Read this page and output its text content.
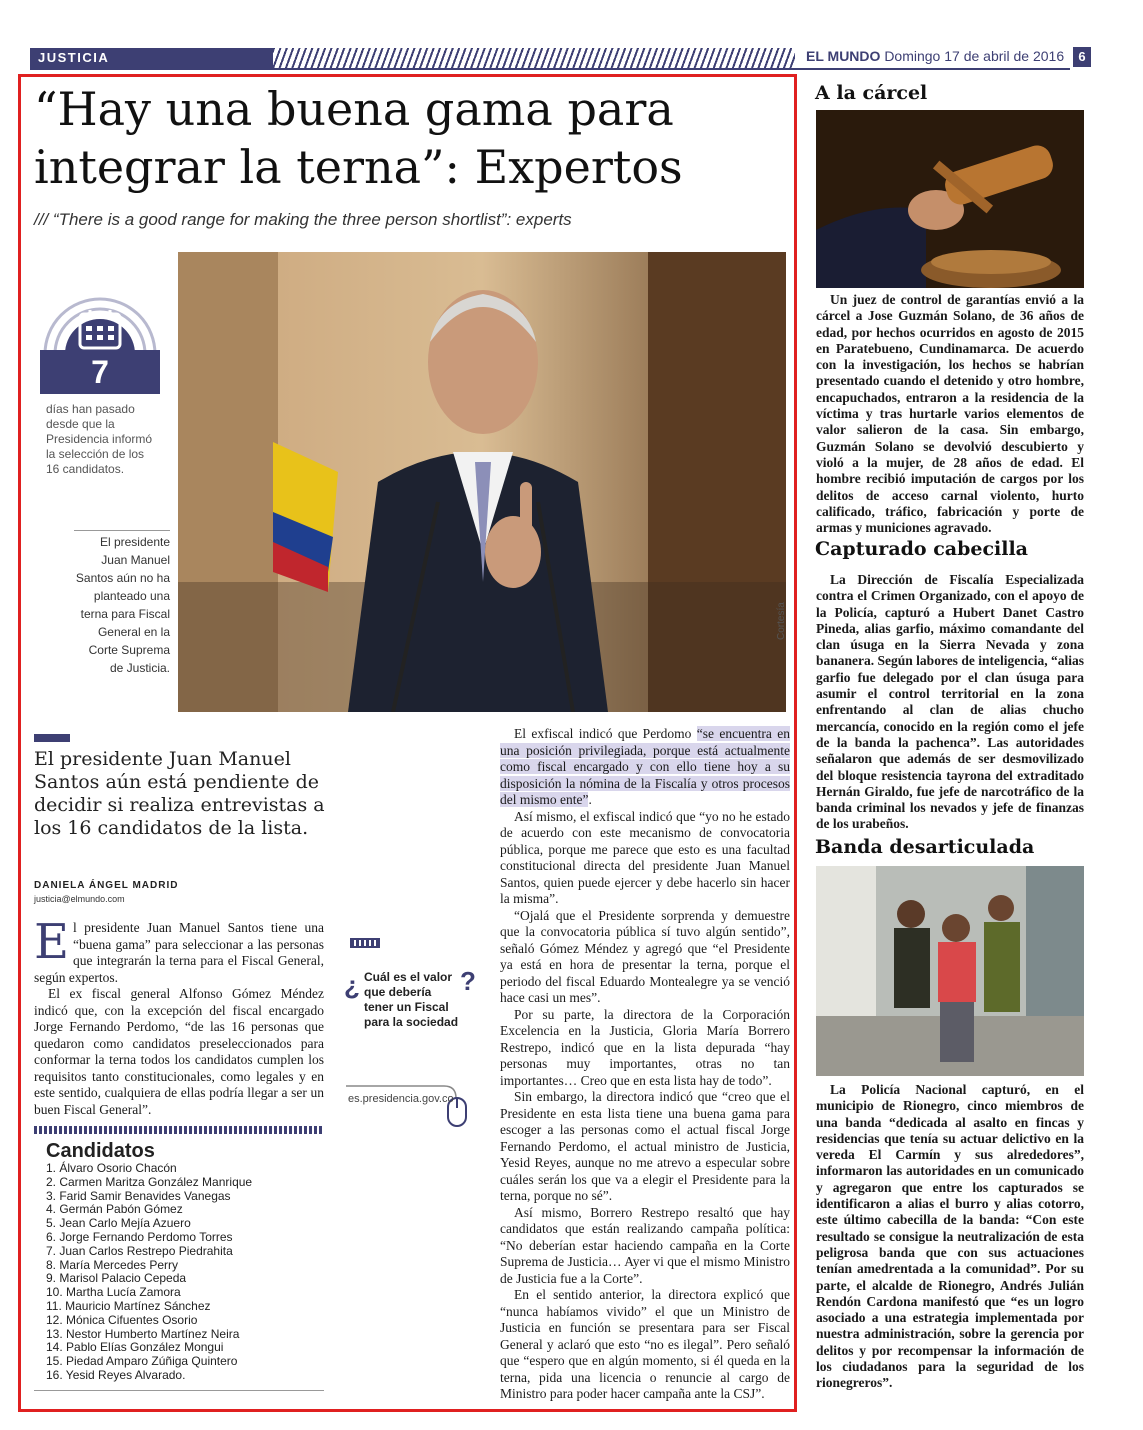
JUSTICIA	EL MUNDO Domingo 17 de abril de 2016	6
“Hay una buena gama para
integrar la terna”: Expertos
/// “There is a good range for making the three person shortlist”: experts
Cortesía
7
días han pasado desde que la Presidencia informó la selección de los 16 candidatos.
El presidente Juan Manuel Santos aún no ha planteado una terna para Fiscal General en la Corte Suprema de Justicia.
El presidente Juan Manuel Santos aún está pendiente de decidir si realiza entrevistas a los 16 candidatos de la lista.
DANIELA ÁNGEL MADRID
justicia@elmundo.com

El presidente Juan Manuel Santos tiene una “buena gama” para seleccionar a las personas que integrarán la terna para el Fiscal General, según expertos.

El ex fiscal general Alfonso Gómez Méndez indicó que, con la excepción del fiscal encargado Jorge Fernando Perdomo, “de las 16 personas que quedaron como candidatos preseleccionados para conformar la terna todos los candidatos cumplen los requisitos tanto constitucionales, como legales y en este sentido, cualquiera de ellas podría llegar a ser un buen Fiscal General”.

¿ Cuál es el valor que debería tener un Fiscal para la sociedad
?
es.presidencia.gov.co
Candidatos
1. Álvaro Osorio Chacón
2. Carmen Maritza González Manrique
3. Farid Samir Benavides Vanegas
4. Germán Pabón Gómez
5. Jean Carlo Mejía Azuero
6. Jorge Fernando Perdomo Torres
7. Juan Carlos Restrepo Piedrahita
8. María Mercedes Perry
9. Marisol Palacio Cepeda
10. Martha Lucía Zamora
11. Mauricio Martínez Sánchez
12. Mónica Cifuentes Osorio
13. Nestor Humberto Martínez Neira
14. Pablo Elías González Mongui
15. Piedad Amparo Zúñiga Quintero
16. Yesid Reyes Alvarado.

El exfiscal indicó que Perdomo “se encuentra en una posición privilegiada, porque está actualmente como fiscal encargado y con ello tiene hoy a su disposición la nómina de la Fiscalía y otros procesos del mismo ente”.

Así mismo, el exfiscal indicó que “yo no he estado de acuerdo con este mecanismo de convocatoria pública, porque me parece que esto es una facultad constitucional directa del presidente Juan Manuel Santos, quien puede ejercer y debe hacerlo sin hacer la misma”.

“Ojalá que el Presidente sorprenda y demuestre que la convocatoria pública sí tuvo algún sentido”, señaló Gómez Méndez y agregó que “el Presidente ya está en hora de presentar la terna, porque el periodo del fiscal Eduardo Montealegre ya se venció hace casi un mes”.

Por su parte, la directora de la Corporación Excelencia en la Justicia, Gloria María Borrero Restrepo, indicó que en la lista depurada “hay personas muy importantes, otras no tan importantes… Creo que en esta lista hay de todo”.

Sin embargo, la directora indicó que “creo que el Presidente en esta lista tiene una buena gama para escoger a las personas como el actual fiscal Jorge Fernando Perdomo, el actual ministro de Justicia, Yesid Reyes, aunque no me atrevo a especular sobre cuáles serán los que va a elegir el Presidente para la terna, porque no sé”.

Así mismo, Borrero Restrepo resaltó que hay candidatos que están realizando campaña política: “No deberían estar haciendo campaña en la Corte Suprema de Justicia… Ayer vi que el mismo Ministro de Justicia fue a la Corte”.

En el sentido anterior, la directora explicó que “nunca habíamos vivido” el que un Ministro de Justicia en función se presentara para ser Fiscal General y aclaró que esto “no es ilegal”. Pero señaló que “espero que en algún momento, si él queda en la terna, pida una licencia o renuncie al cargo de Ministro para poder hacer campaña ante la CSJ”.

A la cárcel

Un juez de control de garantías envió a la cárcel a Jose Guzmán Solano, de 36 años de edad, por hechos ocurridos en agosto de 2015 en Paratebueno, Cundinamarca. De acuerdo con la investigación, los hechos se habrían presentado cuando el detenido y otro hombre, encapuchados, entraron a la residencia de la víctima y tras hurtarle varios elementos de valor salieron de la casa. Sin embargo, Guzmán Solano se devolvió descubierto y violó a la mujer, de 28 años de edad. El hombre recibió imputación de cargos por los delitos de acceso carnal violento, hurto calificado, tráfico, fabricación y porte de armas y municiones agravado.

Capturado cabecilla

La Dirección de Fiscalía Especializada contra el Crimen Organizado, con el apoyo de la Policía, capturó a Hubert Danet Castro Pineda, alias garfio, máximo comandante del clan úsuga en la Sierra Nevada y zona bananera. Según labores de inteligencia, “alias garfio fue delegado por el clan úsuga para asumir el control territorial en la zona enfrentando al clan de alias chucho mercancía, conocido en la región como el jefe de la banda la pachenca”. Las autoridades señalaron que además de ser desmovilizado del bloque resistencia tayrona del extraditado Hernán Giraldo, fue jefe de narcotráfico de la banda criminal los nevados y jefe de finanzas de los urabeños.

Banda desarticulada

La Policía Nacional capturó, en el municipio de Rionegro, cinco miembros de una banda “dedicada al asalto en fincas y residencias que tenía su actuar delictivo en la vereda El Carmín y sus alrededores”, informaron las autoridades en un comunicado y agregaron que entre los capturados se identificaron a alias el burro y alias cotorro, este último cabecilla de la banda: “Con este resultado se consigue la neutralización de esta peligrosa banda que con sus actuaciones tenían amedrentada a la comunidad”. Por su parte, el alcalde de Rionegro, Andrés Julián Rendón Cardona manifestó que “es un logro asociado a una estrategia implementada por nuestra administración, sobre la gerencia por delitos y por recompensar la información de los ciudadanos para la seguridad de los rionegreros”.
